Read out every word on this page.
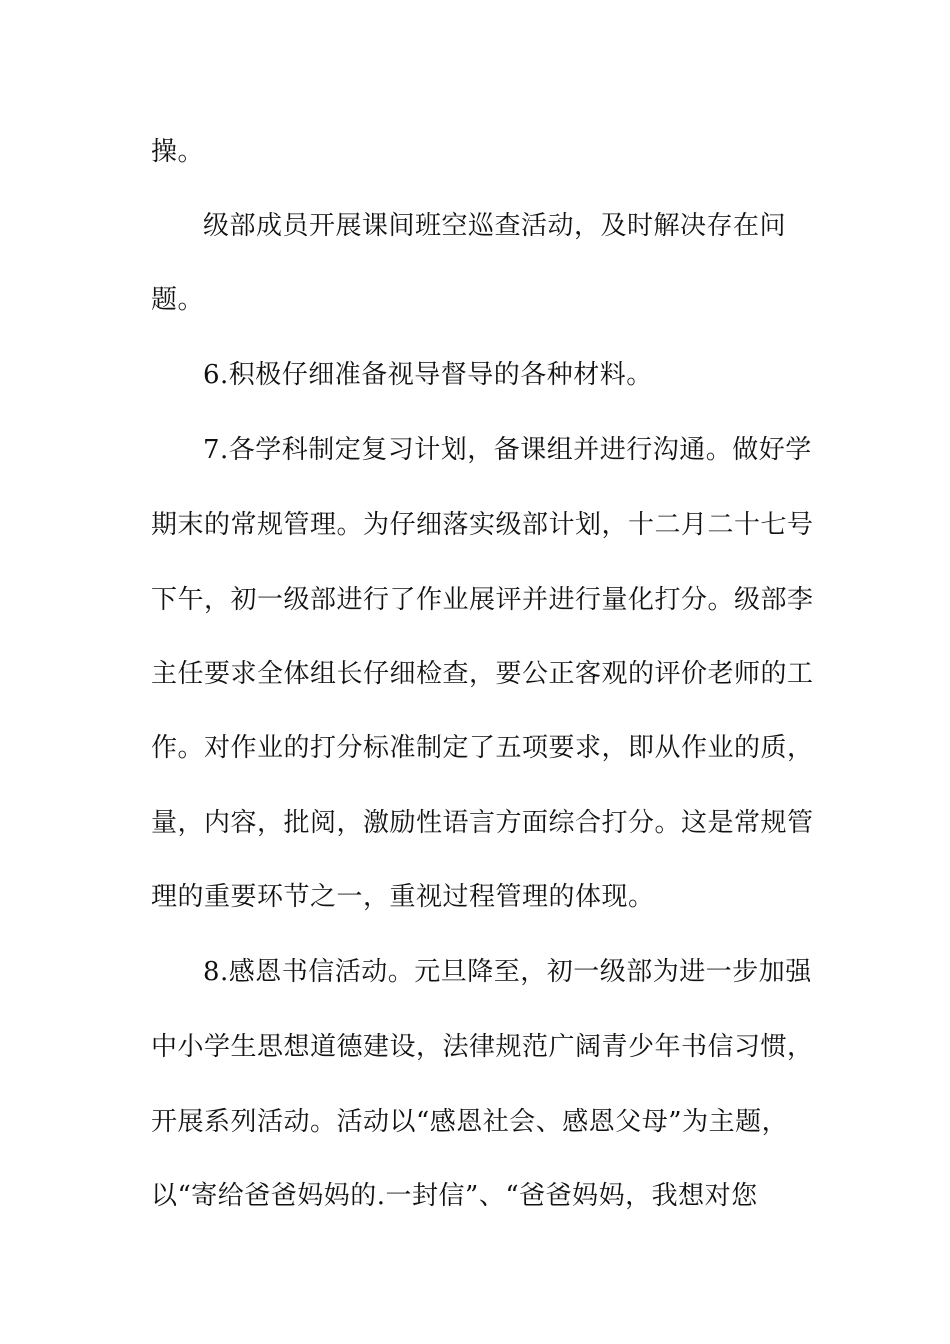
操。
级部成员开展课间班空巡查活动，及时解决存在问
题。
6.积极仔细准备视导督导的各种材料。
7.各学科制定复习计划，备课组并进行沟通。做好学
期末的常规管理。为仔细落实级部计划，十二月二十七号
下午，初一级部进行了作业展评并进行量化打分。级部李
主任要求全体组长仔细检查，要公正客观的评价老师的工
作。对作业的打分标准制定了五项要求，即从作业的质，
量，内容，批阅，激励性语言方面综合打分。这是常规管
理的重要环节之一，重视过程管理的体现。
8.感恩书信活动。元旦降至，初一级部为进一步加强
中小学生思想道德建设，法律规范广阔青少年书信习惯，
开展系列活动。活动以“感恩社会、感恩父母”为主题，
以“寄给爸爸妈妈的.一封信”、“爸爸妈妈，我想对您
